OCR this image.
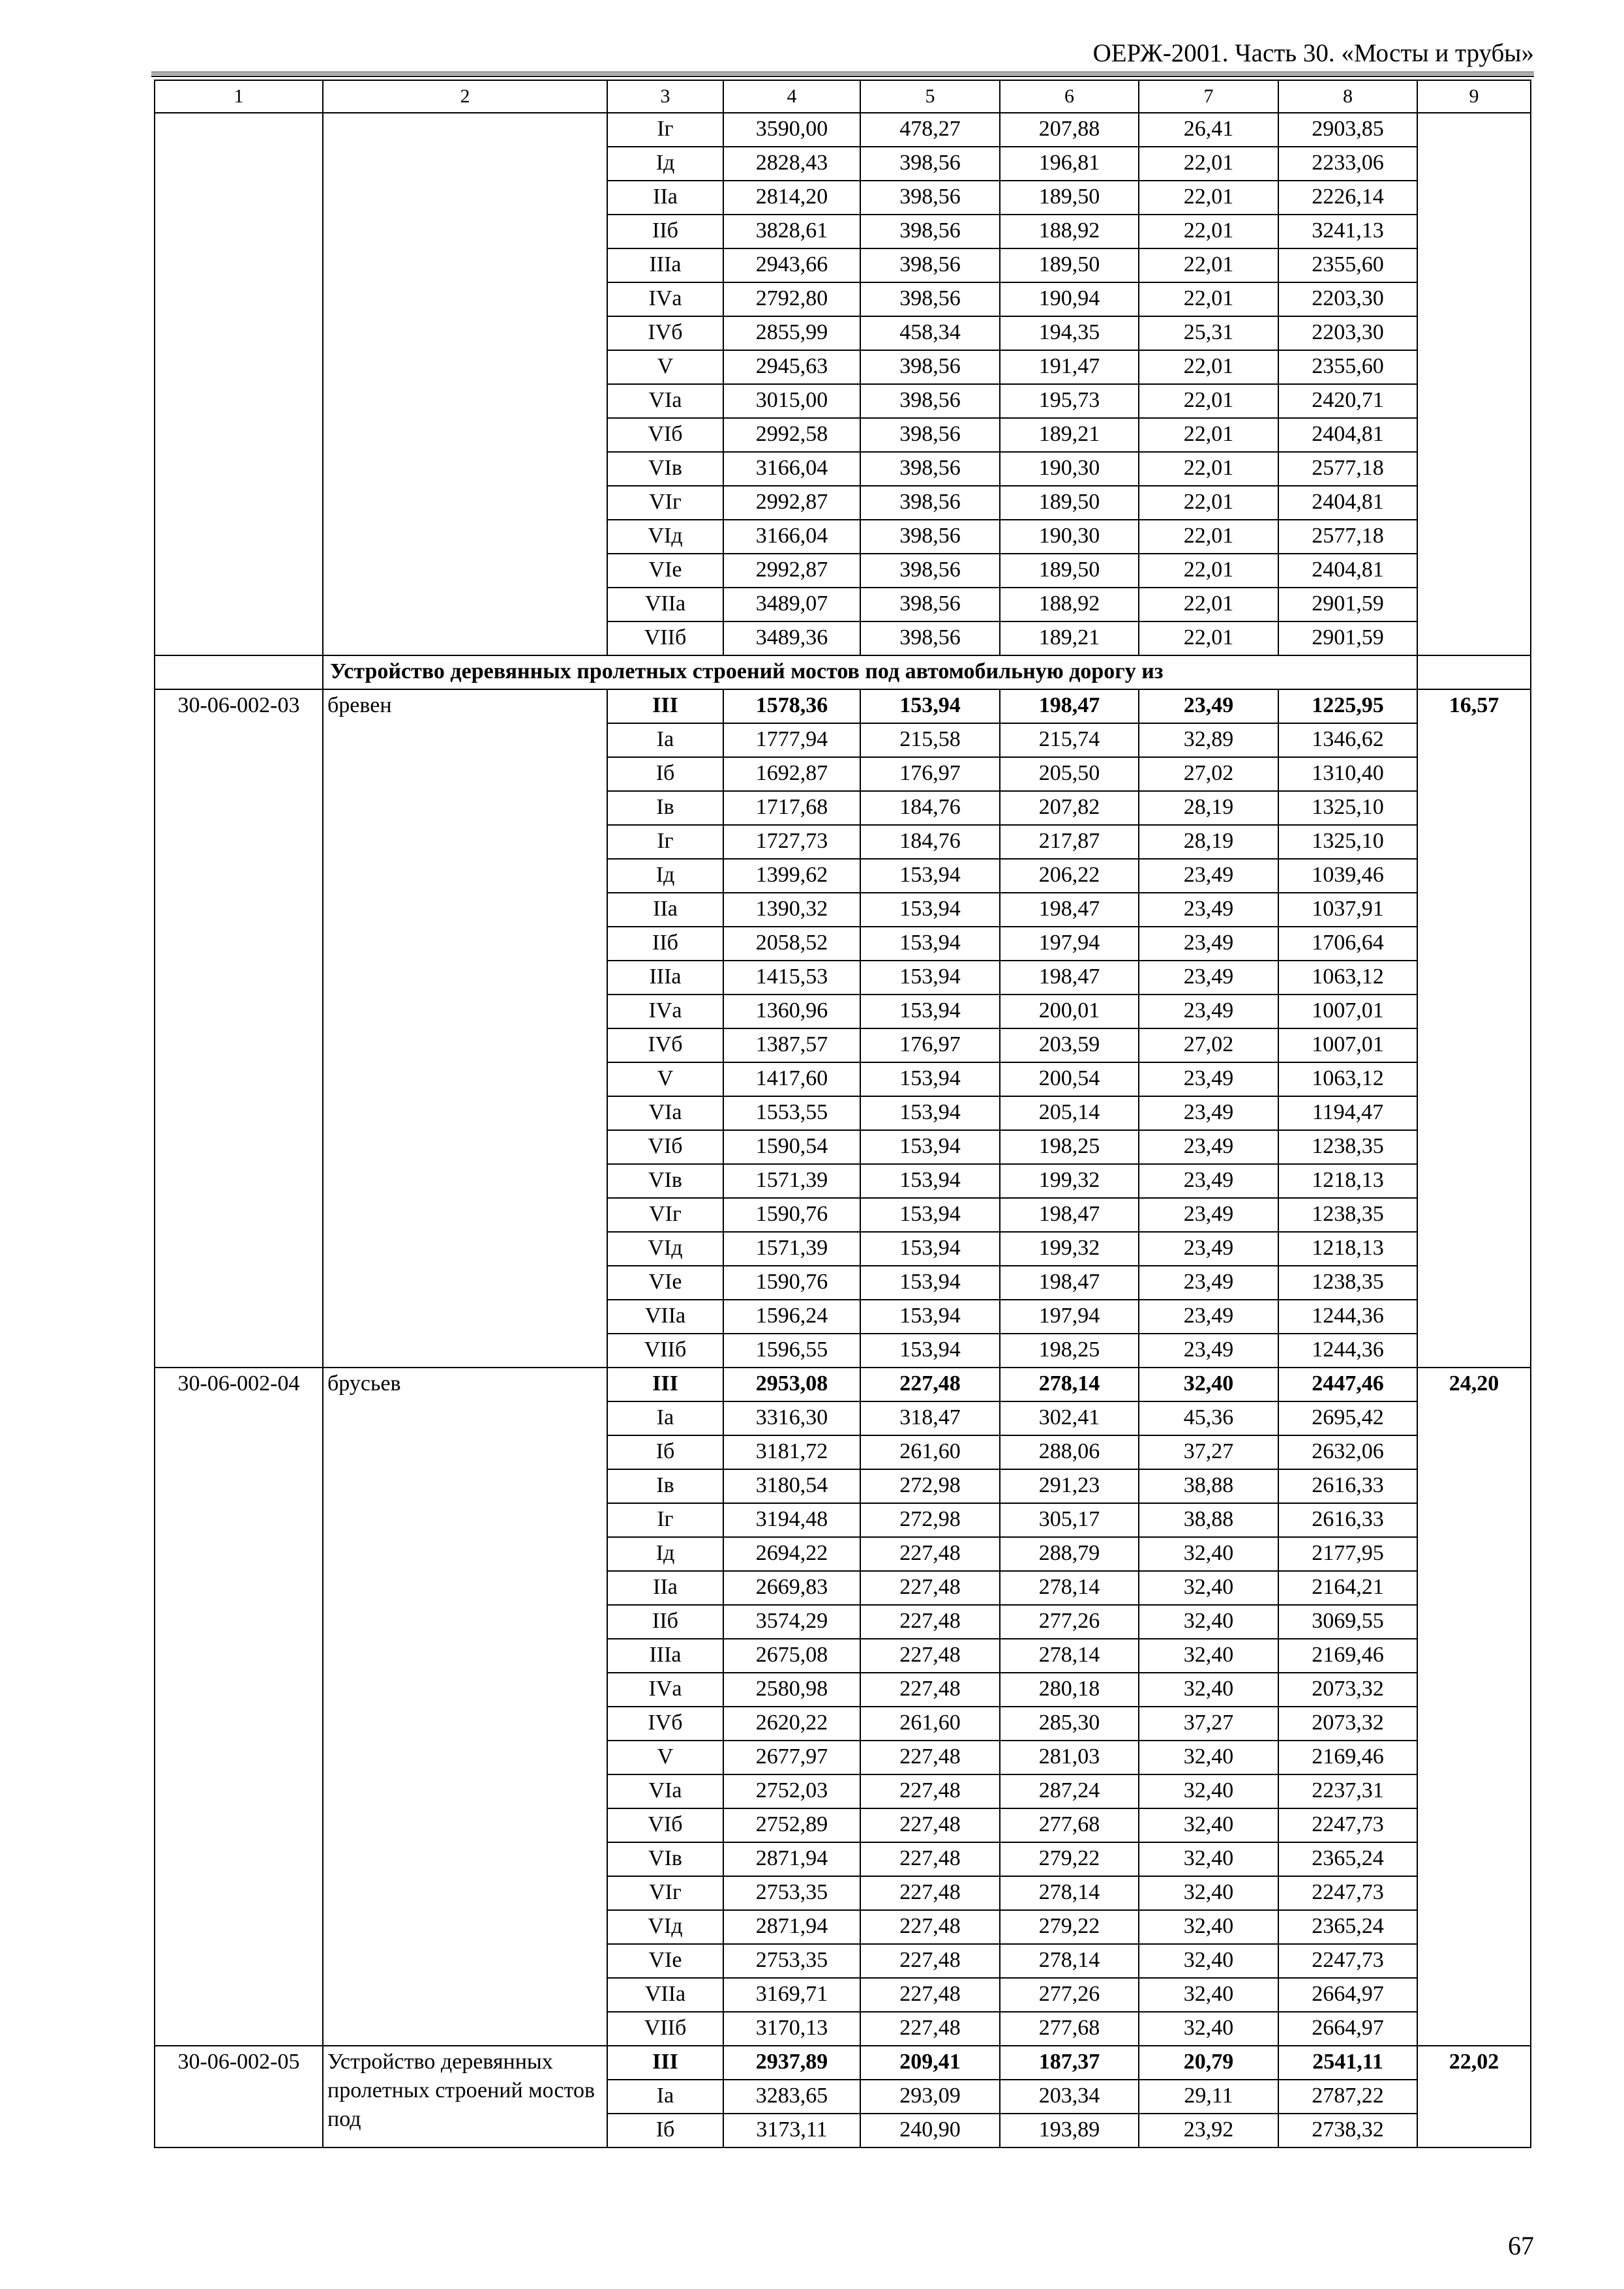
ОЕРЖ-2001. Часть 30. «Мосты и трубы»
1	2	3	4	5	6	7	8	9
		Iг	3590,00	478,27	207,88	26,41	2903,85	
		Iд	2828,43	398,56	196,81	22,01	2233,06	
		IIа	2814,20	398,56	189,50	22,01	2226,14	
		IIб	3828,61	398,56	188,92	22,01	3241,13	
		IIIа	2943,66	398,56	189,50	22,01	2355,60	
		IVа	2792,80	398,56	190,94	22,01	2203,30	
		IVб	2855,99	458,34	194,35	25,31	2203,30	
		V	2945,63	398,56	191,47	22,01	2355,60	
		VIа	3015,00	398,56	195,73	22,01	2420,71	
		VIб	2992,58	398,56	189,21	22,01	2404,81	
		VIв	3166,04	398,56	190,30	22,01	2577,18	
		VIг	2992,87	398,56	189,50	22,01	2404,81	
		VIд	3166,04	398,56	190,30	22,01	2577,18	
		VIе	2992,87	398,56	189,50	22,01	2404,81	
		VIIа	3489,07	398,56	188,92	22,01	2901,59	
		VIIб	3489,36	398,56	189,21	22,01	2901,59	
	Устройство деревянных пролетных строений мостов под автомобильную дорогу из							
30-06-002-03	бревен	III	1578,36	153,94	198,47	23,49	1225,95	16,57
		Iа	1777,94	215,58	215,74	32,89	1346,62	
		Iб	1692,87	176,97	205,50	27,02	1310,40	
		Iв	1717,68	184,76	207,82	28,19	1325,10	
		Iг	1727,73	184,76	217,87	28,19	1325,10	
		Iд	1399,62	153,94	206,22	23,49	1039,46	
		IIа	1390,32	153,94	198,47	23,49	1037,91	
		IIб	2058,52	153,94	197,94	23,49	1706,64	
		IIIа	1415,53	153,94	198,47	23,49	1063,12	
		IVа	1360,96	153,94	200,01	23,49	1007,01	
		IVб	1387,57	176,97	203,59	27,02	1007,01	
		V	1417,60	153,94	200,54	23,49	1063,12	
		VIа	1553,55	153,94	205,14	23,49	1194,47	
		VIб	1590,54	153,94	198,25	23,49	1238,35	
		VIв	1571,39	153,94	199,32	23,49	1218,13	
		VIг	1590,76	153,94	198,47	23,49	1238,35	
		VIд	1571,39	153,94	199,32	23,49	1218,13	
		VIе	1590,76	153,94	198,47	23,49	1238,35	
		VIIа	1596,24	153,94	197,94	23,49	1244,36	
		VIIб	1596,55	153,94	198,25	23,49	1244,36	
30-06-002-04	брусьев	III	2953,08	227,48	278,14	32,40	2447,46	24,20
		Iа	3316,30	318,47	302,41	45,36	2695,42	
		Iб	3181,72	261,60	288,06	37,27	2632,06	
		Iв	3180,54	272,98	291,23	38,88	2616,33	
		Iг	3194,48	272,98	305,17	38,88	2616,33	
		Iд	2694,22	227,48	288,79	32,40	2177,95	
		IIа	2669,83	227,48	278,14	32,40	2164,21	
		IIб	3574,29	227,48	277,26	32,40	3069,55	
		IIIа	2675,08	227,48	278,14	32,40	2169,46	
		IVа	2580,98	227,48	280,18	32,40	2073,32	
		IVб	2620,22	261,60	285,30	37,27	2073,32	
		V	2677,97	227,48	281,03	32,40	2169,46	
		VIа	2752,03	227,48	287,24	32,40	2237,31	
		VIб	2752,89	227,48	277,68	32,40	2247,73	
		VIв	2871,94	227,48	279,22	32,40	2365,24	
		VIг	2753,35	227,48	278,14	32,40	2247,73	
		VIд	2871,94	227,48	279,22	32,40	2365,24	
		VIе	2753,35	227,48	278,14	32,40	2247,73	
		VIIа	3169,71	227,48	277,26	32,40	2664,97	
		VIIб	3170,13	227,48	277,68	32,40	2664,97	
30-06-002-05	Устройство деревянных пролетных строений мостов под	III	2937,89	209,41	187,37	20,79	2541,11	22,02
		Iа	3283,65	293,09	203,34	29,11	2787,22	
		Iб	3173,11	240,90	193,89	23,92	2738,32	
67
